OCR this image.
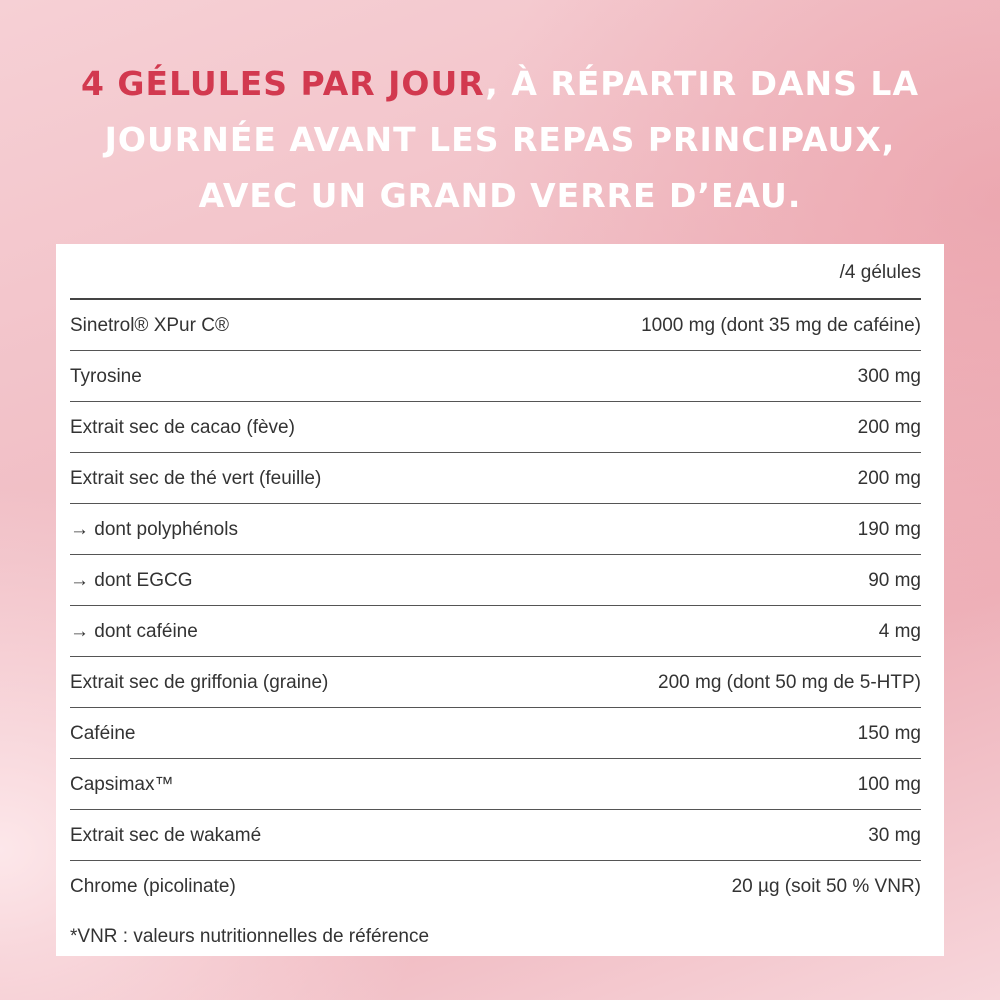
4 GÉLULES PAR JOUR, À RÉPARTIR DANS LA
JOURNÉE AVANT LES REPAS PRINCIPAUX,
AVEC UN GRAND VERRE D’EAU.
/4 gélules
Sinetrol® XPur C®	1000 mg (dont 35 mg de caféine)
Tyrosine	300 mg
Extrait sec de cacao (fève)	200 mg
Extrait sec de thé vert (feuille)	200 mg
→ dont polyphénols	190 mg
→ dont EGCG	90 mg
→ dont caféine	4 mg
Extrait sec de griffonia (graine)	200 mg (dont 50 mg de 5-HTP)
Caféine	150 mg
Capsimax™	100 mg
Extrait sec de wakamé	30 mg
Chrome (picolinate)	20 µg (soit 50 % VNR)
*VNR : valeurs nutritionnelles de référence
